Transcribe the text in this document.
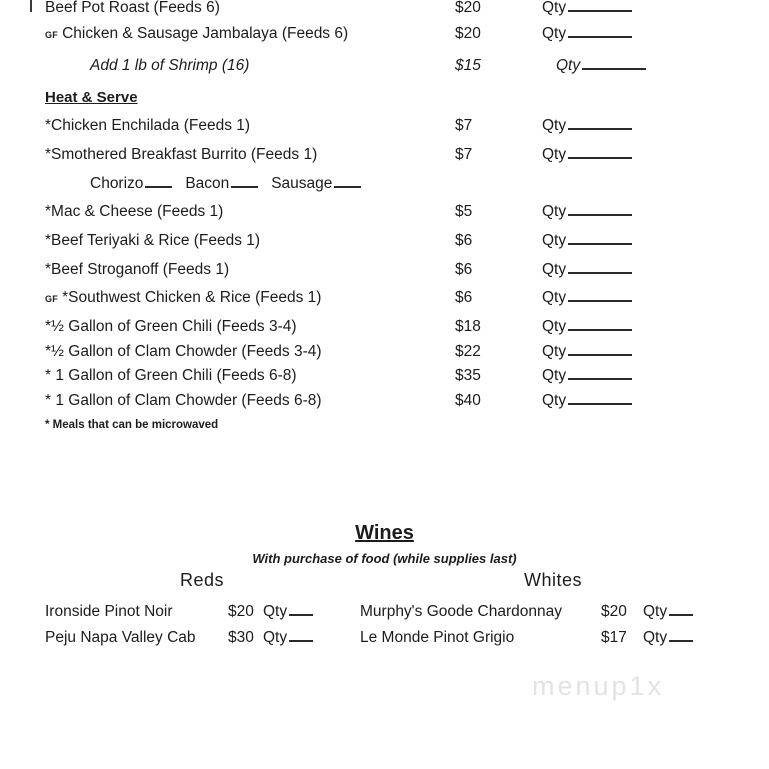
Beef Pot Roast (Feeds 6)	$20	Qty
GF Chicken & Sausage Jambalaya (Feeds 6)	$20	Qty
Add 1 lb of Shrimp (16)	$15	Qty
Heat & Serve
*Chicken Enchilada (Feeds 1)	$7	Qty
*Smothered Breakfast Burrito (Feeds 1)	$7	Qty
Chorizo	Bacon	Sausage
*Mac & Cheese (Feeds 1)	$5	Qty
*Beef Teriyaki & Rice (Feeds 1)	$6	Qty
*Beef Stroganoff (Feeds 1)	$6	Qty
GF *Southwest Chicken & Rice (Feeds 1)	$6	Qty
*½ Gallon of Green Chili (Feeds 3-4)	$18	Qty
*½ Gallon of Clam Chowder (Feeds 3-4)	$22	Qty
* 1 Gallon of Green Chili (Feeds 6-8)	$35	Qty
* 1 Gallon of Clam Chowder (Feeds 6-8)	$40	Qty
* Meals that can be microwaved
Wines
With purchase of food (while supplies last)
Reds	Whites
Ironside Pinot Noir	$20 Qty	Murphy's Goode Chardonnay	$20 Qty
Peju Napa Valley Cab $30 Qty	Le Monde Pinot Grigio	$17 Qty
menup1x
